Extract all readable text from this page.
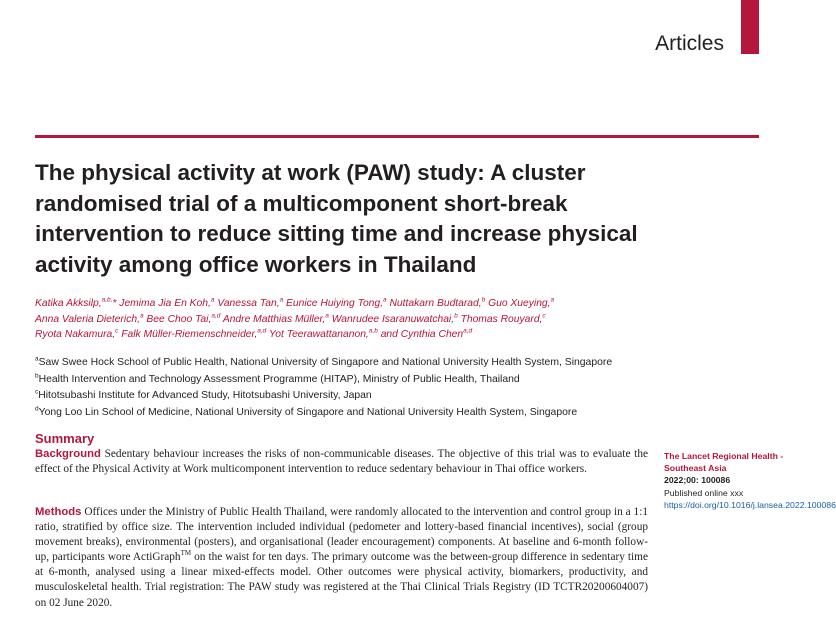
Articles
The physical activity at work (PAW) study: A cluster randomised trial of a multicomponent short-break intervention to reduce sitting time and increase physical activity among office workers in Thailand
Katika Akksilp,$^{a,b,}$* Jemima Jia En Koh,$^a$ Vanessa Tan,$^a$ Eunice Huiying Tong,$^a$ Nuttakarn Budtarad,$^b$ Guo Xueying,$^a$
Anna Valeria Dieterich,$^a$ Bee Choo Tai,$^{a,d}$ Andre Matthias Müller,$^a$ Wanrudee Isaranuwatchai,$^b$ Thomas Rouyard,$^c$
Ryota Nakamura,$^c$ Falk Müller-Riemenschneider,$^{a,d}$ Yot Teerawattananon,$^{a,b}$ and Cynthia Chen$^{a,d}$
$^a$Saw Swee Hock School of Public Health, National University of Singapore and National University Health System, Singapore
$^b$Health Intervention and Technology Assessment Programme (HITAP), Ministry of Public Health, Thailand
$^c$Hitotsubashi Institute for Advanced Study, Hitotsubashi University, Japan
$^d$Yong Loo Lin School of Medicine, National University of Singapore and National University Health System, Singapore
Summary
Background Sedentary behaviour increases the risks of non-communicable diseases. The objective of this trial was to evaluate the effect of the Physical Activity at Work multicomponent intervention to reduce sedentary behaviour in Thai office workers.
Methods Offices under the Ministry of Public Health Thailand, were randomly allocated to the intervention and control group in a 1:1 ratio, stratified by office size. The intervention included individual (pedometer and lottery-based financial incentives), social (group movement breaks), environmental (posters), and organisational (leader encouragement) components. At baseline and 6-month follow-up, participants wore ActiGraph™ on the waist for ten days. The primary outcome was the between-group difference in sedentary time at 6-month, analysed using a linear mixed-effects model. Other outcomes were physical activity, biomarkers, productivity, and musculoskeletal health. Trial registration: The PAW study was registered at the Thai Clinical Trials Registry (ID TCTR20200604007) on 02 June 2020.
The Lancet Regional Health - Southeast Asia
2022;00: 100086
Published online xxx
https://doi.org/10.1016/j.lansea.2022.100086
